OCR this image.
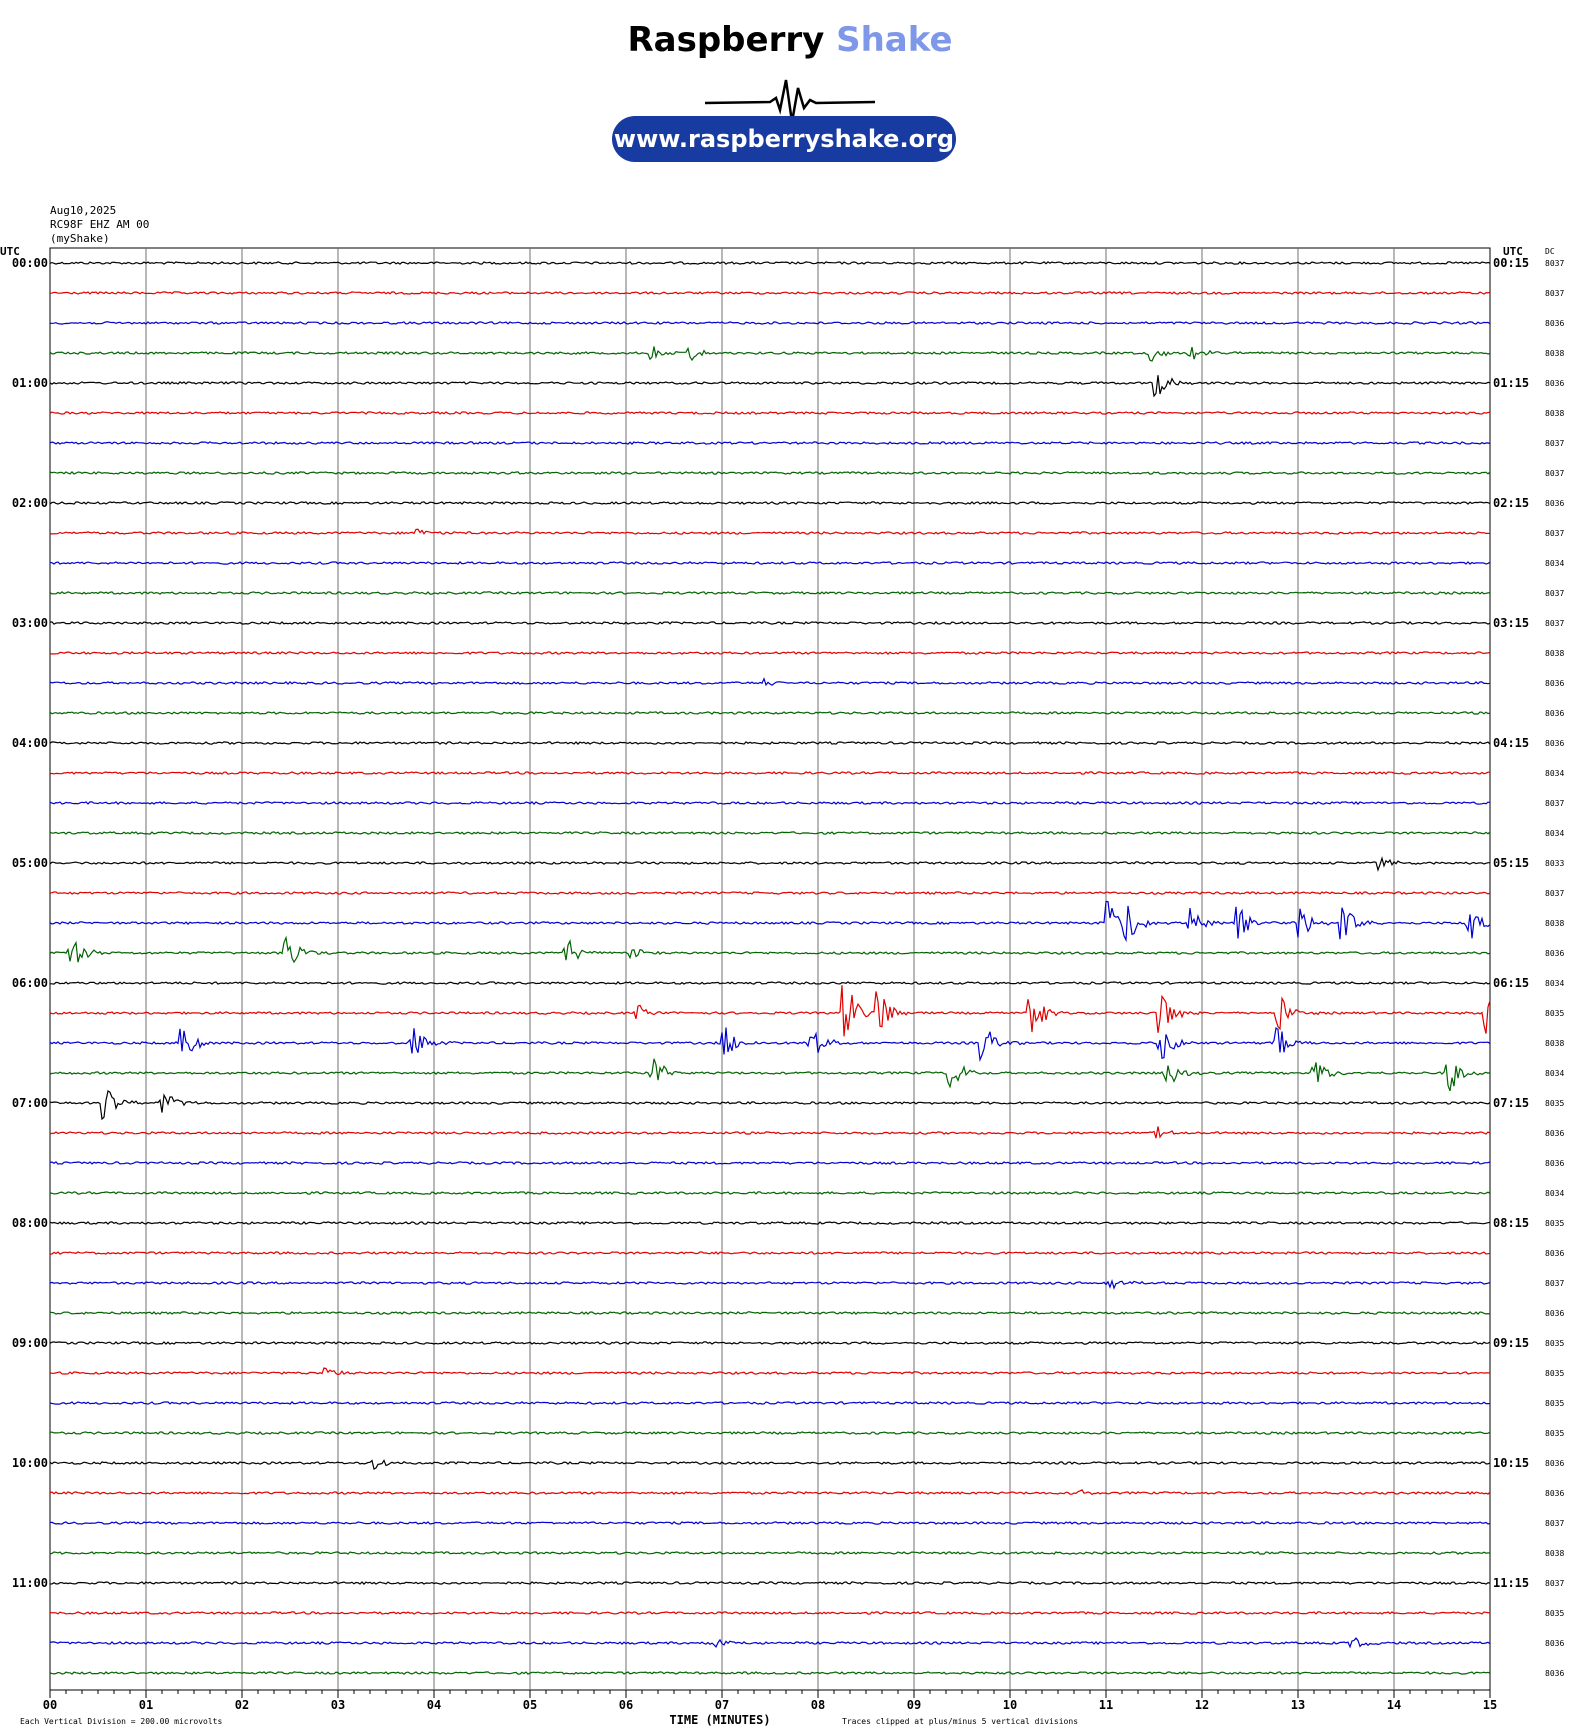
Raspberry Shake
www.raspberryshake.org
Aug10,2025
RC98F EHZ AM 00
(myShake)
8037
8037
8036
8038
8036
8038
8037
8037
8036
8037
8034
8037
8037
8038
8036
8036
8036
8034
8037
8034
8033
8037
8038
8036
8034
8035
8038
8034
8035
8036
8036
8034
8035
8036
8037
8036
8035
8035
8035
8035
8036
8036
8037
8038
8037
8035
8036
8036
UTC	UTC	DC
00:00
01:00
02:00
03:00
04:00
05:00
06:00
07:00
08:00
09:00
10:00
11:00
00:15
01:15
02:15
03:15
04:15
05:15
06:15
07:15
08:15
09:15
10:15
11:15
00	01	02	03	04	05	06	07	08	09	10	11	12	13	14	15
TIME (MINUTES)
Each Vertical Division = 200.00 microvolts	Traces clipped at plus/minus 5 vertical divisions
